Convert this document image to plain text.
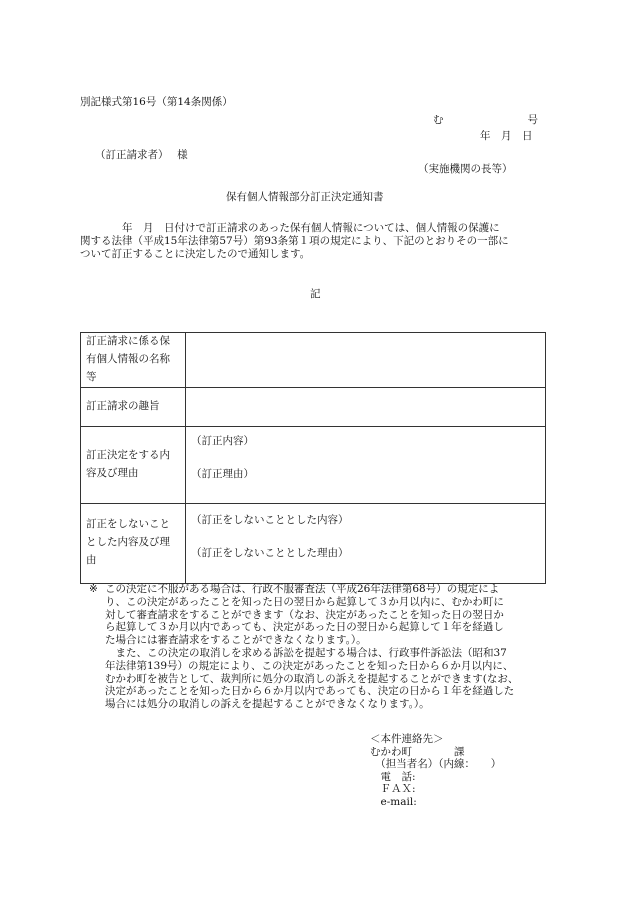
別記様式第16号（第14条関係）
む　　　　　　　　号
年　月　日
（訂正請求者）　 様
（実施機関の長等）
保有個人情報部分訂正決定通知書

　　　　年　月　日付けで訂正請求のあった保有個人情報については、個人情報の保護に

関する法律（平成15年法律第57号）第93条第１項の規定により、下記のとおりその一部に

ついて訂正することに決定したので通知します。

記
訂正請求に係る保有個人情報の名称等	

訂正請求の趣旨	

訂正決定をする内容及び理由	（訂正内容）
（訂正理由）

訂正をしないこととした内容及び理由	（訂正をしないこととした内容）
（訂正をしないこととした理由）
※ この決定に不服がある場合は、行政不服審査法（平成26年法律第68号）の規定によ

り、この決定があったことを知った日の翌日から起算して３か月以内に、むかわ町に

対して審査請求をすることができます（なお、決定があったことを知った日の翌日か

ら起算して３か月以内であっても、決定があった日の翌日から起算して１年を経過し

た場合には審査請求をすることができなくなります。）。

　また、この決定の取消しを求める訴訟を提起する場合は、行政事件訴訟法（昭和37

年法律第139号）の規定により、この決定があったことを知った日から６か月以内に、

むかわ町を被告として、裁判所に処分の取消しの訴えを提起することができます(なお、

決定があったことを知った日から６か月以内であっても、決定の日から１年を経過した

場合には処分の取消しの訴えを提起することができなくなります。）。

＜本件連絡先＞
むかわ町　　　　課
　（担当者名）（内線：　　）
　電　話:
　ＦＡＸ:
　e-mail:
